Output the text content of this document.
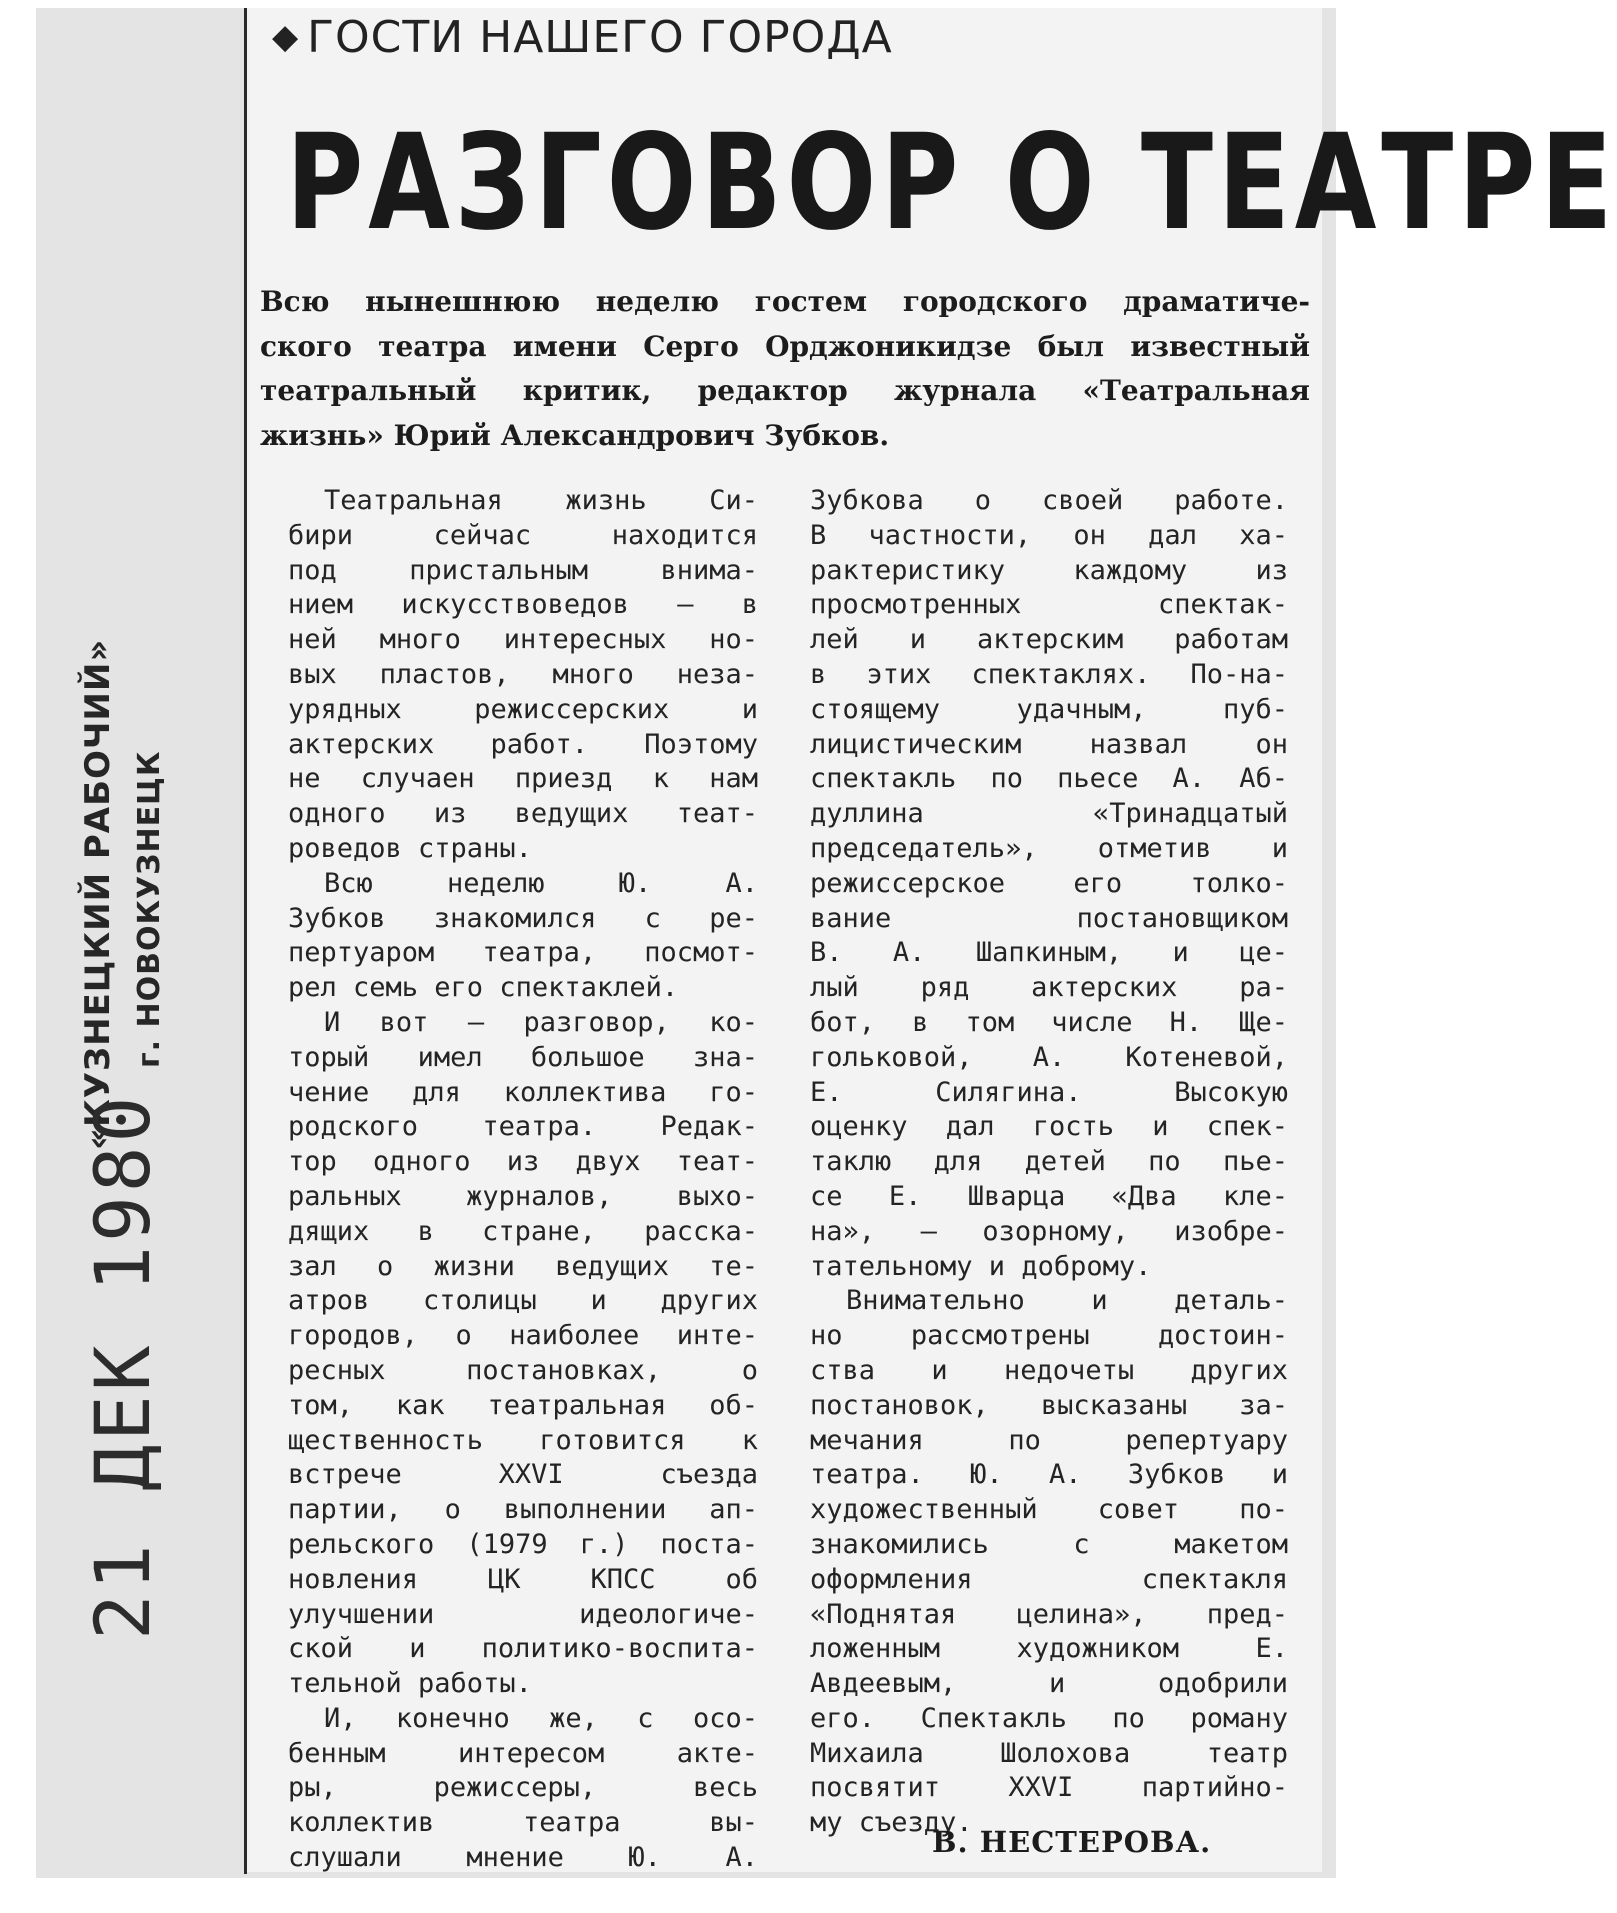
«КУЗНЕЦКИЙ РАБОЧИЙ» г. НОВОКУЗНЕЦК
21 ДЕК 1980
◆ ГОСТИ НАШЕГО ГОРОДА
РАЗГОВОР О ТЕАТРЕ
Всю нынешнюю неделю гостем городского драматиче-
ского театра имени Серго Орджоникидзе был известный
театральный критик, редактор журнала «Театральная
жизнь» Юрий Александрович Зубков.
Театральная жизнь Си-
бири сейчас находится
под пристальным внима-
нием искусствоведов — в
ней много интересных но-
вых пластов, много неза-
урядных режиссерских и
актерских работ. Поэтому
не случаен приезд к нам
одного из ведущих теат-
роведов страны.
Всю неделю Ю. А.
Зубков знакомился с ре-
пертуаром театра, посмот-
рел семь его спектаклей.
И вот — разговор, ко-
торый имел большое зна-
чение для коллектива го-
родского театра. Редак-
тор одного из двух теат-
ральных журналов, выхо-
дящих в стране, расска-
зал о жизни ведущих те-
атров столицы и других
городов, о наиболее инте-
ресных постановках, о
том, как театральная об-
щественность готовится к
встрече XXVI съезда
партии, о выполнении ап-
рельского (1979 г.) поста-
новления ЦК КПСС об
улучшении идеологиче-
ской и политико-воспита-
тельной работы.
И, конечно же, с осо-
бенным интересом акте-
ры, режиссеры, весь
коллектив театра вы-
слушали мнение Ю. А.
Зубкова о своей работе.
В частности, он дал ха-
рактеристику каждому из
просмотренных спектак-
лей и актерским работам
в этих спектаклях. По-на-
стоящему удачным, пуб-
лицистическим назвал он
спектакль по пьесе А. Аб-
дуллина «Тринадцатый
председатель», отметив и
режиссерское его толко-
вание постановщиком
В. А. Шапкиным, и це-
лый ряд актерских ра-
бот, в том числе Н. Ще-
гольковой, А. Котеневой,
Е. Силягина. Высокую
оценку дал гость и спек-
таклю для детей по пье-
се Е. Шварца «Два кле-
на», — озорному, изобре-
тательному и доброму.
Внимательно и деталь-
но рассмотрены достоин-
ства и недочеты других
постановок, высказаны за-
мечания по репертуару
театра. Ю. А. Зубков и
художественный совет по-
знакомились с макетом
оформления спектакля
«Поднятая целина», пред-
ложенным художником Е.
Авдеевым, и одобрили
его. Спектакль по роману
Михаила Шолохова театр
посвятит XXVI партийно-
му съезду.
В. НЕСТЕРОВА.
